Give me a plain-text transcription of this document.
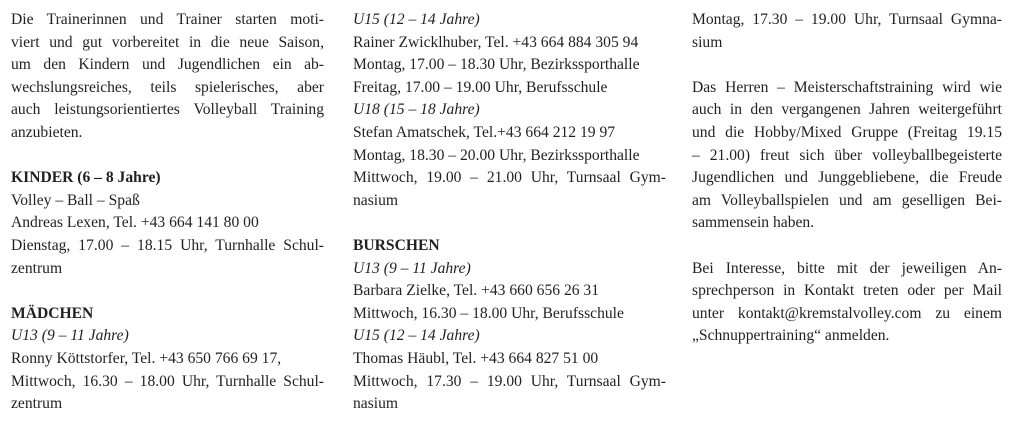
Die Trainerinnen und Trainer starten moti-
viert und gut vorbereitet in die neue Saison,
um den Kindern und Jugendlichen ein ab-
wechslungsreiches, teils spielerisches, aber
auch leistungsorientiertes Volleyball Training
anzubieten.
KINDER (6 – 8 Jahre)
Volley – Ball – Spaß
Andreas Lexen, Tel. +43 664 141 80 00
Dienstag, 17.00 – 18.15 Uhr, Turnhalle Schul-
zentrum
MÄDCHEN
U13 (9 – 11 Jahre)
Ronny Köttstorfer, Tel. +43 650 766 69 17,
Mittwoch, 16.30 – 18.00 Uhr, Turnhalle Schul-
zentrum
U15 (12 – 14 Jahre)
Rainer Zwicklhuber, Tel. +43 664 884 305 94
Montag, 17.00 – 18.30 Uhr, Bezirkssporthalle
Freitag, 17.00 – 19.00 Uhr, Berufsschule
U18 (15 – 18 Jahre)
Stefan Amatschek, Tel.+43 664 212 19 97
Montag, 18.30 – 20.00 Uhr, Bezirkssporthalle
Mittwoch, 19.00 – 21.00 Uhr, Turnsaal Gym-
nasium
BURSCHEN
U13 (9 – 11 Jahre)
Barbara Zielke, Tel. +43 660 656 26 31
Mittwoch, 16.30 – 18.00 Uhr, Berufsschule
U15 (12 – 14 Jahre)
Thomas Häubl, Tel. +43 664 827 51 00
Mittwoch, 17.30 – 19.00 Uhr, Turnsaal Gym-
nasium
Montag, 17.30 – 19.00 Uhr, Turnsaal Gymna-
sium
Das Herren – Meisterschaftstraining wird wie
auch in den vergangenen Jahren weitergeführt
und die Hobby/Mixed Gruppe (Freitag 19.15
– 21.00) freut sich über volleyballbegeisterte
Jugendlichen und Junggebliebene, die Freude
am Volleyballspielen und am geselligen Bei-
sammensein haben.
Bei Interesse, bitte mit der jeweiligen An-
sprechperson in Kontakt treten oder per Mail
unter kontakt@kremstalvolley.com zu einem
„Schnuppertraining“ anmelden.
